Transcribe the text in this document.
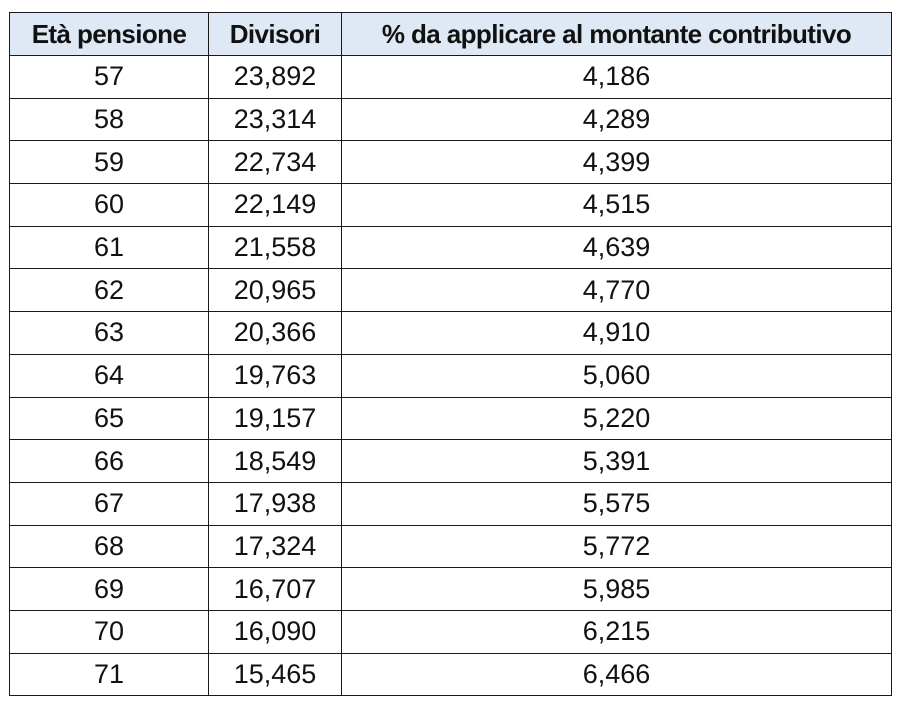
Età pensione	Divisori	% da applicare al montante contributivo
57	23,892	4,186
58	23,314	4,289
59	22,734	4,399
60	22,149	4,515
61	21,558	4,639
62	20,965	4,770
63	20,366	4,910
64	19,763	5,060
65	19,157	5,220
66	18,549	5,391
67	17,938	5,575
68	17,324	5,772
69	16,707	5,985
70	16,090	6,215
71	15,465	6,466
